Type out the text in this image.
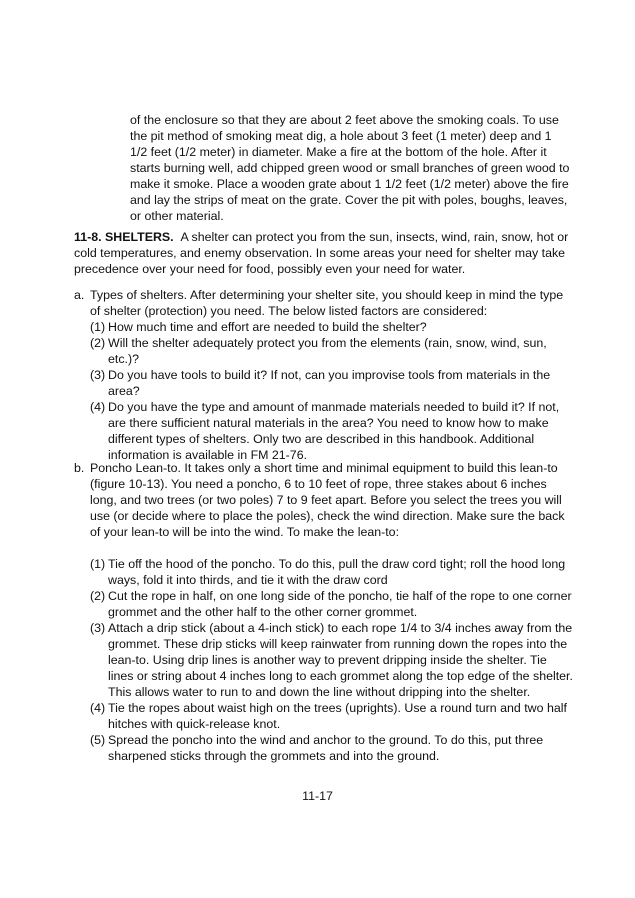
of the enclosure so that they are about 2 feet above the smoking coals. To use the pit method of smoking meat dig, a hole about 3 feet (1 meter) deep and 1 1/2 feet (1/2 meter) in diameter. Make a fire at the bottom of the hole. After it starts burning well, add chipped green wood or small branches of green wood to make it smoke. Place a wooden grate about 1 1/2 feet (1/2 meter) above the fire and lay the strips of meat on the grate. Cover the pit with poles, boughs, leaves, or other material.

11-8. SHELTERS. A shelter can protect you from the sun, insects, wind, rain, snow, hot or cold temperatures, and enemy observation. In some areas your need for shelter may take precedence over your need for food, possibly even your need for water.

a. Types of shelters. After determining your shelter site, you should keep in mind the type of shelter (protection) you need. The below listed factors are considered:
(1) How much time and effort are needed to build the shelter?
(2) Will the shelter adequately protect you from the elements (rain, snow, wind, sun, etc.)?
(3) Do you have tools to build it? If not, can you improvise tools from materials in the area?
(4) Do you have the type and amount of manmade materials needed to build it? If not, are there sufficient natural materials in the area? You need to know how to make different types of shelters. Only two are described in this handbook. Additional information is available in FM 21-76.
b. Poncho Lean-to. It takes only a short time and minimal equipment to build this lean-to (figure 10-13). You need a poncho, 6 to 10 feet of rope, three stakes about 6 inches long, and two trees (or two poles) 7 to 9 feet apart. Before you select the trees you will use (or decide where to place the poles), check the wind direction. Make sure the back of your lean-to will be into the wind. To make the lean-to:
(1) Tie off the hood of the poncho. To do this, pull the draw cord tight; roll the hood long ways, fold it into thirds, and tie it with the draw cord
(2) Cut the rope in half, on one long side of the poncho, tie half of the rope to one corner grommet and the other half to the other corner grommet.
(3) Attach a drip stick (about a 4-inch stick) to each rope 1/4 to 3/4 inches away from the grommet. These drip sticks will keep rainwater from running down the ropes into the lean-to. Using drip lines is another way to prevent dripping inside the shelter. Tie lines or string about 4 inches long to each grommet along the top edge of the shelter. This allows water to run to and down the line without dripping into the shelter.
(4) Tie the ropes about waist high on the trees (uprights). Use a round turn and two half hitches with quick-release knot.
(5) Spread the poncho into the wind and anchor to the ground. To do this, put three sharpened sticks through the grommets and into the ground.
11-17
